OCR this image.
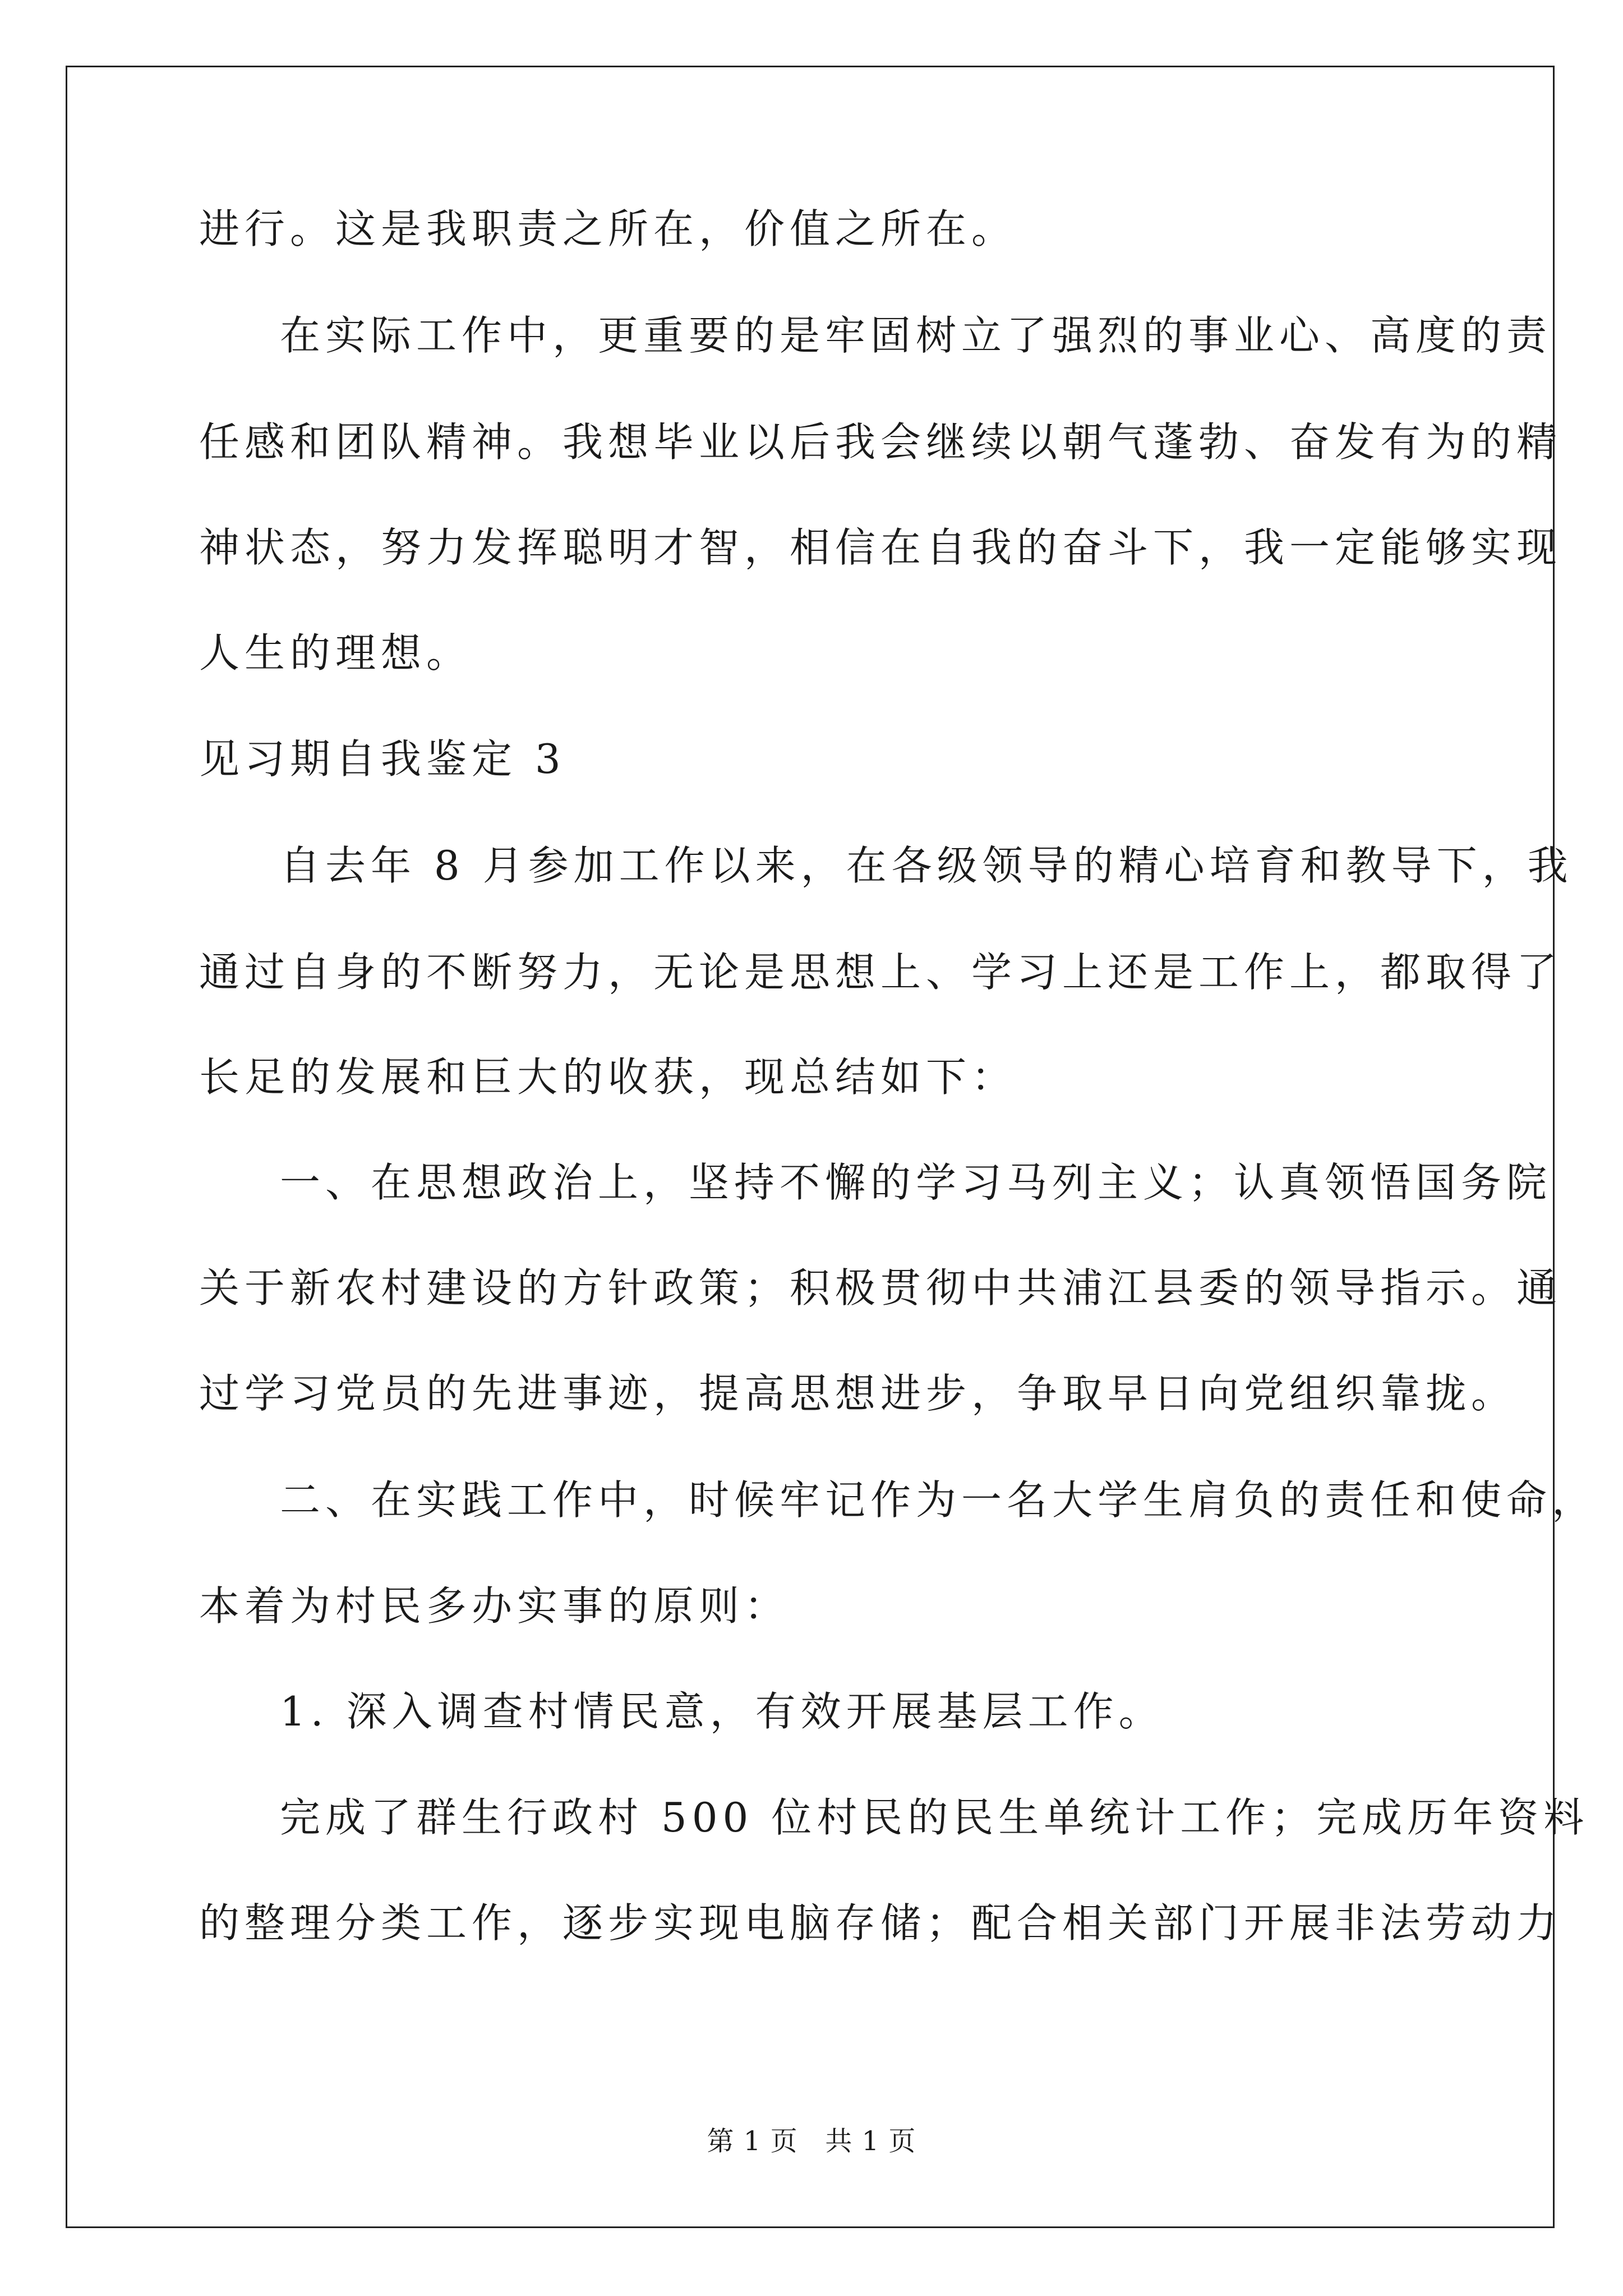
进行。这是我职责之所在，价值之所在。
在实际工作中，更重要的是牢固树立了强烈的事业心、高度的责
任感和团队精神。我想毕业以后我会继续以朝气蓬勃、奋发有为的精
神状态，努力发挥聪明才智，相信在自我的奋斗下，我一定能够实现
人生的理想。
见习期自我鉴定 3
自去年 8 月参加工作以来，在各级领导的精心培育和教导下，我
通过自身的不断努力，无论是思想上、学习上还是工作上，都取得了
长足的发展和巨大的收获，现总结如下：
一、在思想政治上，坚持不懈的学习马列主义；认真领悟国务院
关于新农村建设的方针政策；积极贯彻中共浦江县委的领导指示。通
过学习党员的先进事迹，提高思想进步，争取早日向党组织靠拢。
二、在实践工作中，时候牢记作为一名大学生肩负的责任和使命，
本着为村民多办实事的原则：
1. 深入调查村情民意，有效开展基层工作。
完成了群生行政村 500 位村民的民生单统计工作；完成历年资料
的整理分类工作，逐步实现电脑存储；配合相关部门开展非法劳动力
第 1 页   共 1 页
